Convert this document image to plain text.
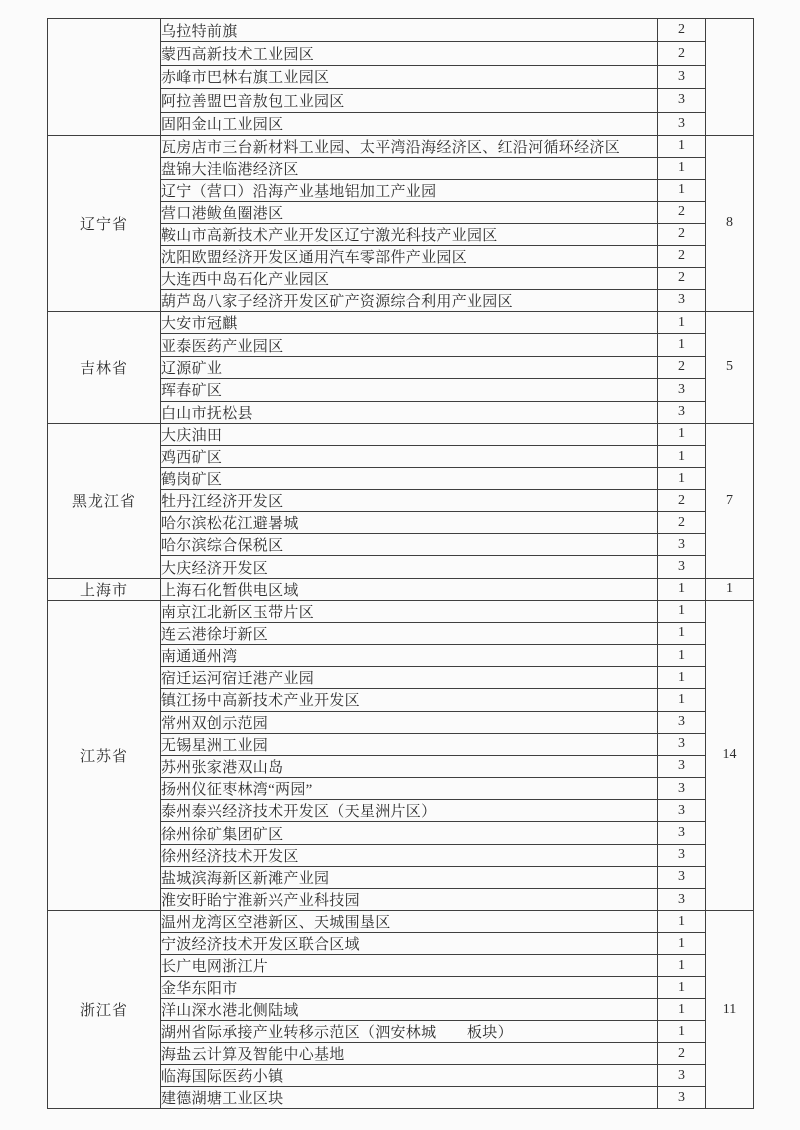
	乌拉特前旗	2	
	蒙西高新技术工业园区	2	
	赤峰市巴林右旗工业园区	3	
	阿拉善盟巴音敖包工业园区	3	
	固阳金山工业园区	3	
辽宁省	瓦房店市三台新材料工业园、太平湾沿海经济区、红沿河循环经济区	1	8
	盘锦大洼临港经济区	1	
	辽宁（营口）沿海产业基地铝加工产业园	1	
	营口港鲅鱼圈港区	2	
	鞍山市高新技术产业开发区辽宁激光科技产业园区	2	
	沈阳欧盟经济开发区通用汽车零部件产业园区	2	
	大连西中岛石化产业园区	2	
	葫芦岛八家子经济开发区矿产资源综合利用产业园区	3	
吉林省	大安市冠麒	1	5
	亚泰医药产业园区	1	
	辽源矿业	2	
	珲春矿区	3	
	白山市抚松县	3	
黑龙江省	大庆油田	1	7
	鸡西矿区	1	
	鹤岗矿区	1	
	牡丹江经济开发区	2	
	哈尔滨松花江避暑城	2	
	哈尔滨综合保税区	3	
	大庆经济开发区	3	
上海市	上海石化暂供电区域	1	1
江苏省	南京江北新区玉带片区	1	14
	连云港徐圩新区	1	
	南通通州湾	1	
	宿迁运河宿迁港产业园	1	
	镇江扬中高新技术产业开发区	1	
	常州双创示范园	3	
	无锡星洲工业园	3	
	苏州张家港双山岛	3	
	扬州仪征枣林湾“两园”	3	
	泰州泰兴经济技术开发区（天星洲片区）	3	
	徐州徐矿集团矿区	3	
	徐州经济技术开发区	3	
	盐城滨海新区新滩产业园	3	
	淮安盱眙宁淮新兴产业科技园	3	
浙江省	温州龙湾区空港新区、天城围垦区	1	11
	宁波经济技术开发区联合区域	1	
	长广电网浙江片	1	
	金华东阳市	1	
	洋山深水港北侧陆域	1	
	湖州省际承接产业转移示范区（泗安林城　　板块）	1	
	海盐云计算及智能中心基地	2	
	临海国际医药小镇	3	
	建德湖塘工业区块	3	
